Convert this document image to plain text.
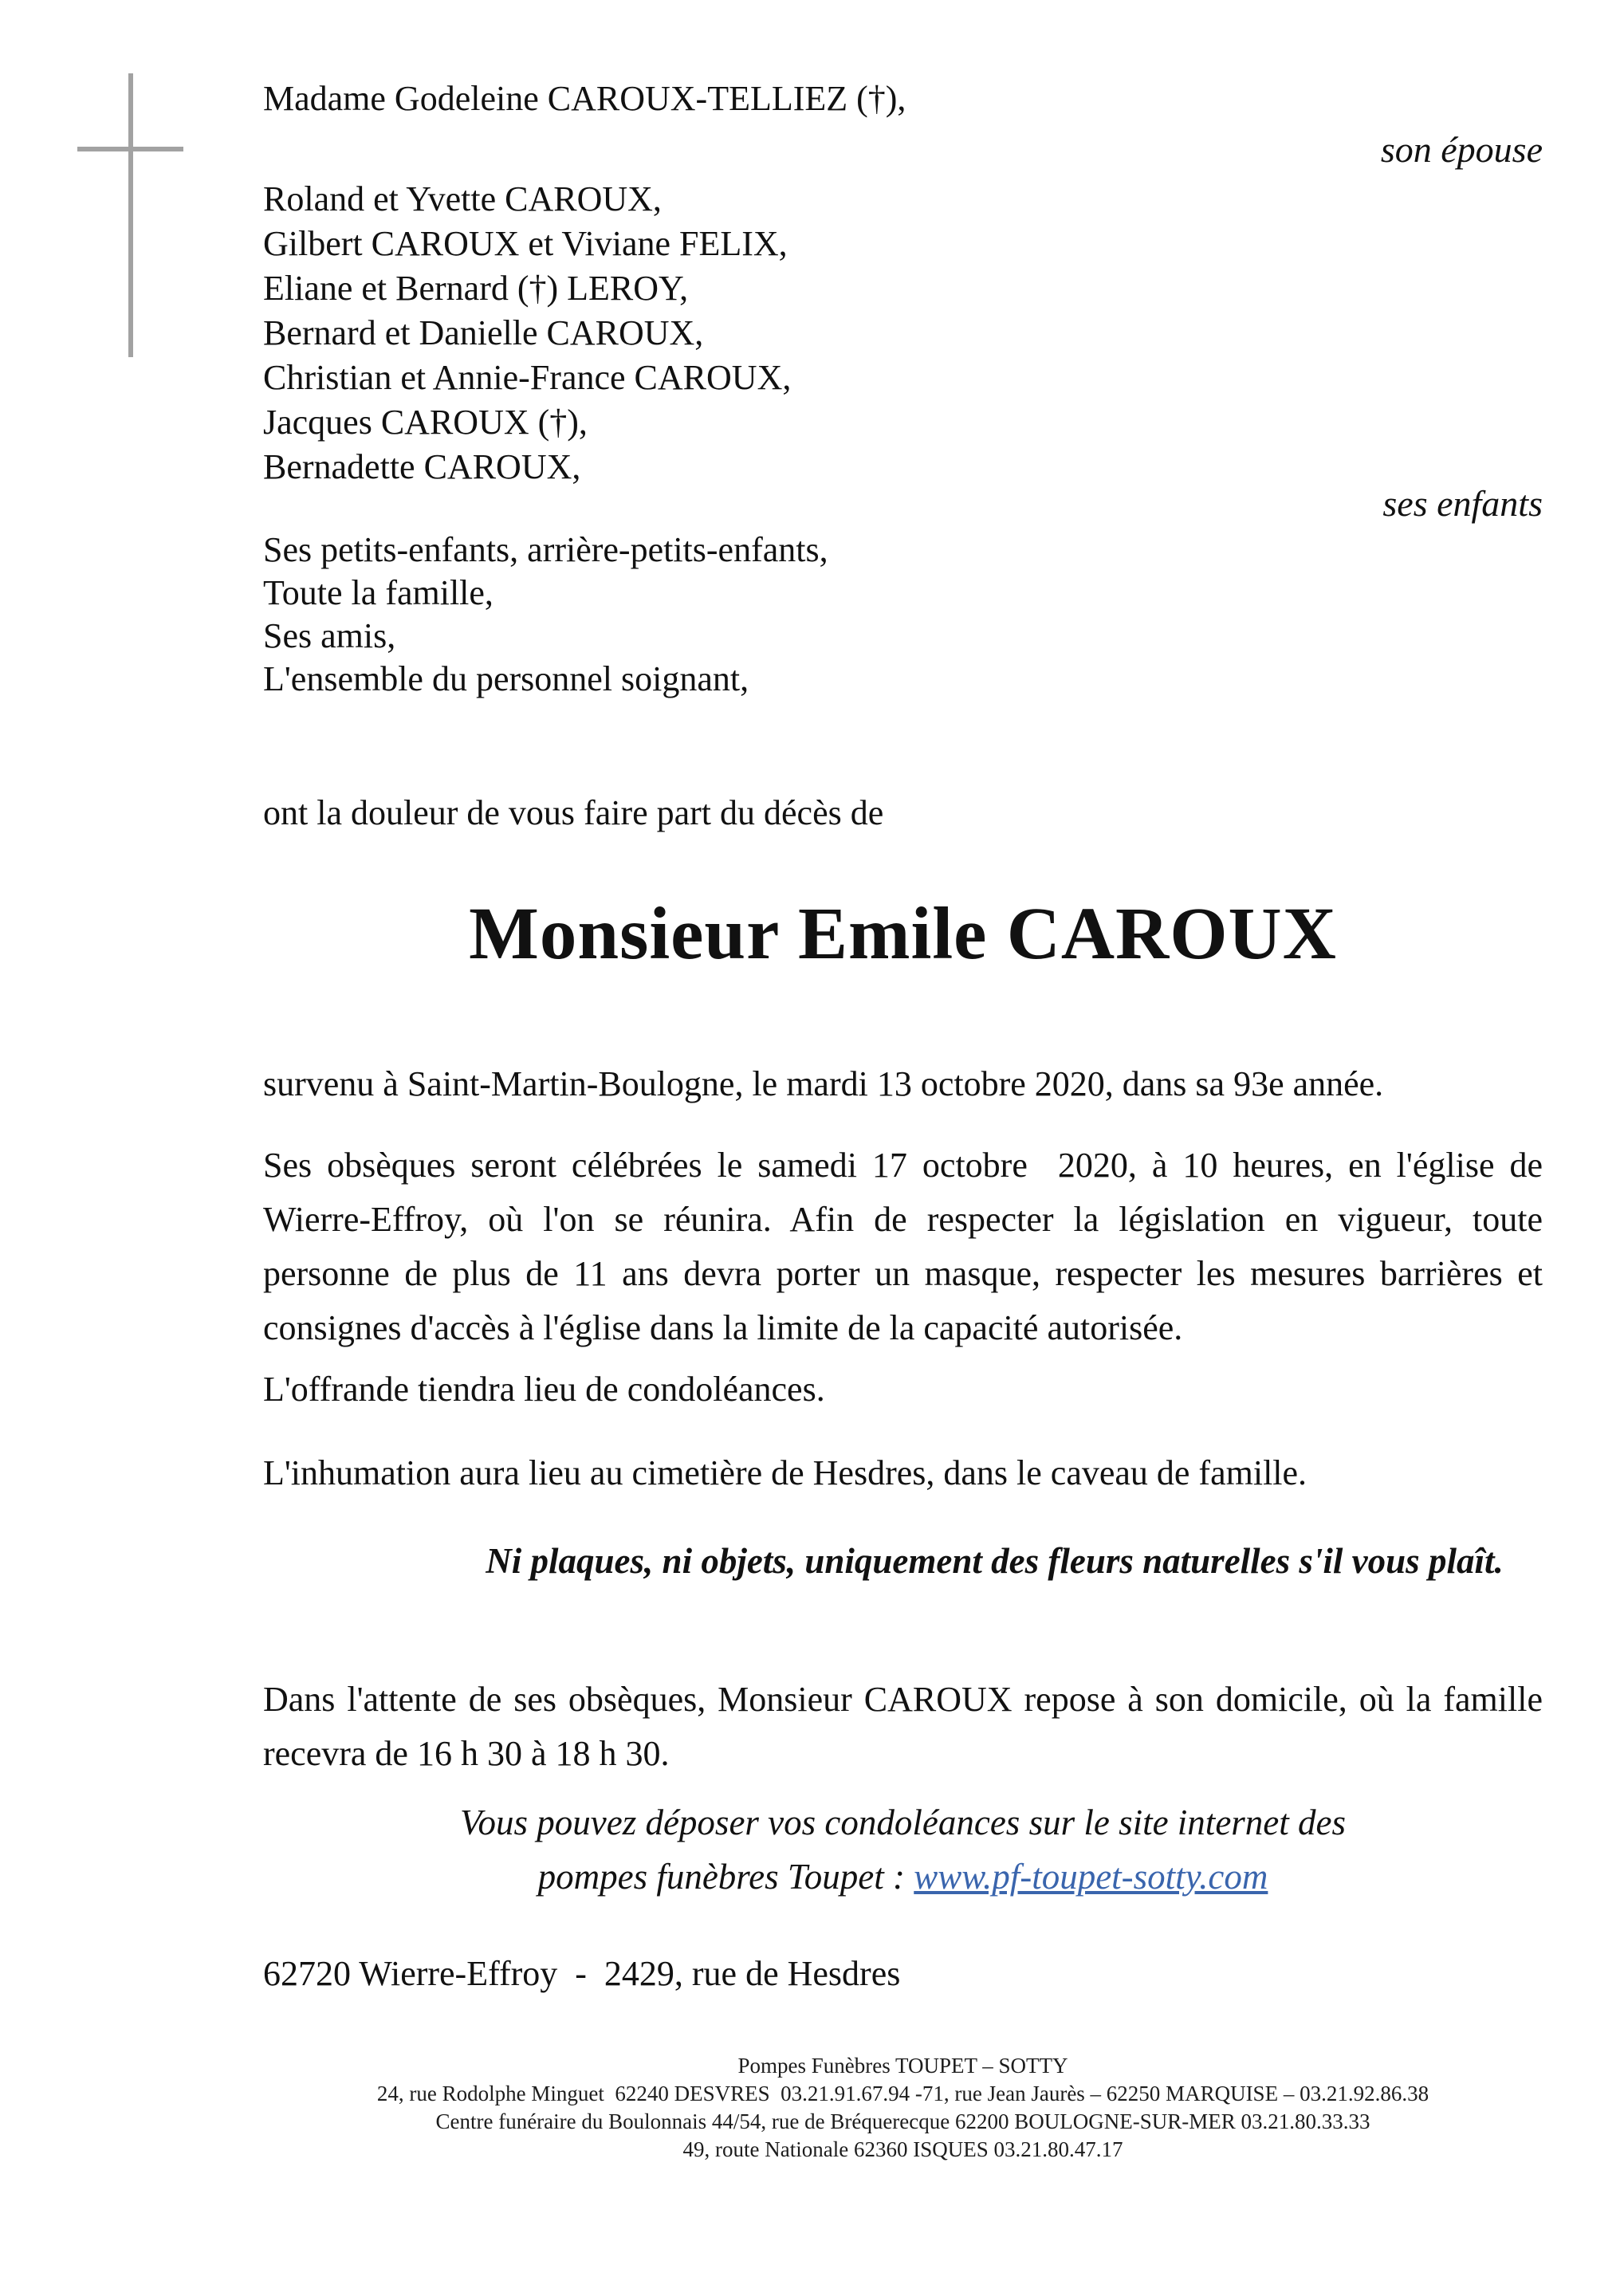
Madame Godeleine CAROUX-TELLIEZ (†),
son épouse
Roland et Yvette CAROUX,
Gilbert CAROUX et Viviane FELIX,
Eliane et Bernard (†) LEROY,
Bernard et Danielle CAROUX,
Christian et Annie-France CAROUX,
Jacques CAROUX (†),
Bernadette CAROUX,
ses enfants
Ses petits-enfants, arrière-petits-enfants,
Toute la famille,
Ses amis,
L'ensemble du personnel soignant,
ont la douleur de vous faire part du décès de
Monsieur Emile CAROUX
survenu à Saint-Martin-Boulogne, le mardi 13 octobre 2020, dans sa 93e année.
Ses obsèques seront célébrées le samedi 17 octobre  2020, à 10 heures, en l'église de Wierre-Effroy, où l'on se réunira. Afin de respecter la législation en vigueur, toute personne de plus de 11 ans devra porter un masque, respecter les mesures barrières et consignes d'accès à l'église dans la limite de la capacité autorisée.
L'offrande tiendra lieu de condoléances.
L'inhumation aura lieu au cimetière de Hesdres, dans le caveau de famille.
Ni plaques, ni objets, uniquement des fleurs naturelles s'il vous plaît.
Dans l'attente de ses obsèques, Monsieur CAROUX repose à son domicile, où la famille recevra de 16 h 30 à 18 h 30.
Vous pouvez déposer vos condoléances sur le site internet des
pompes funèbres Toupet : www.pf-toupet-sotty.com
62720 Wierre-Effroy  -  2429, rue de Hesdres
Pompes Funèbres TOUPET – SOTTY
24, rue Rodolphe Minguet  62240 DESVRES  03.21.91.67.94 -71, rue Jean Jaurès – 62250 MARQUISE – 03.21.92.86.38
Centre funéraire du Boulonnais 44/54, rue de Bréquerecque 62200 BOULOGNE-SUR-MER 03.21.80.33.33
49, route Nationale 62360 ISQUES 03.21.80.47.17
